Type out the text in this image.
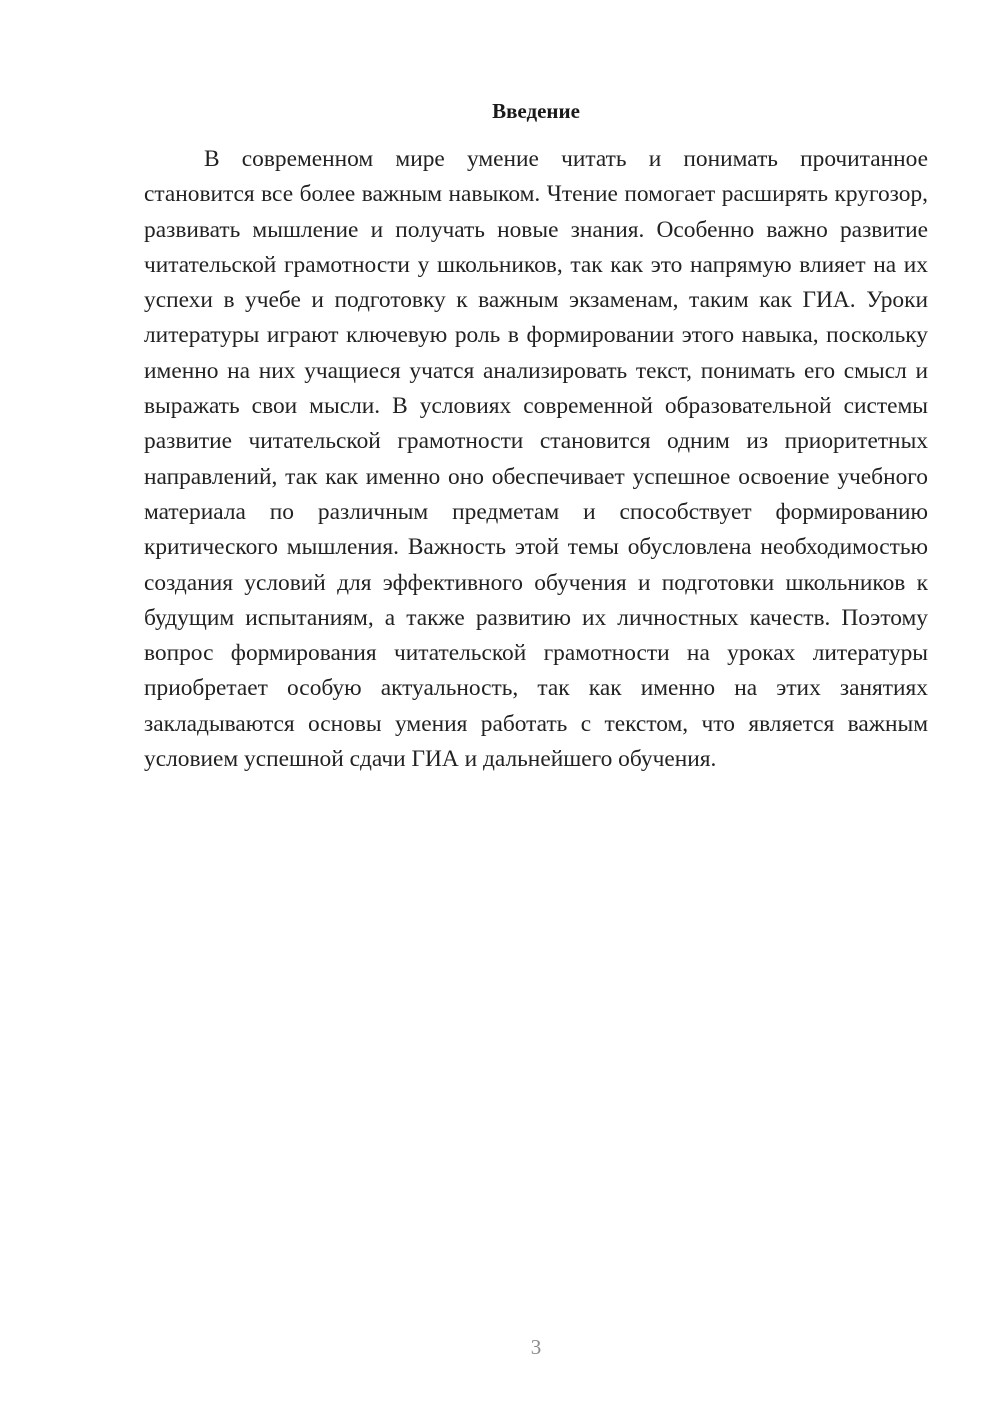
Введение

В современном мире умение читать и понимать прочитанное становится все более важным навыком. Чтение помогает расширять кругозор, развивать мышление и получать новые знания. Особенно важно развитие читательской грамотности у школьников, так как это напрямую влияет на их успехи в учебе и подготовку к важным экзаменам, таким как ГИА. Уроки литературы играют ключевую роль в формировании этого навыка, поскольку именно на них учащиеся учатся анализировать текст, понимать его смысл и выражать свои мысли. В условиях современной образовательной системы развитие читательской грамотности становится одним из приоритетных направлений, так как именно оно обеспечивает успешное освоение учебного материала по различным предметам и способствует формированию критического мышления. Важность этой темы обусловлена необходимостью создания условий для эффективного обучения и подготовки школьников к будущим испытаниям, а также развитию их личностных качеств. Поэтому вопрос формирования читательской грамотности на уроках литературы приобретает особую актуальность, так как именно на этих занятиях закладываются основы умения работать с текстом, что является важным условием успешной сдачи ГИА и дальнейшего обучения.

3
